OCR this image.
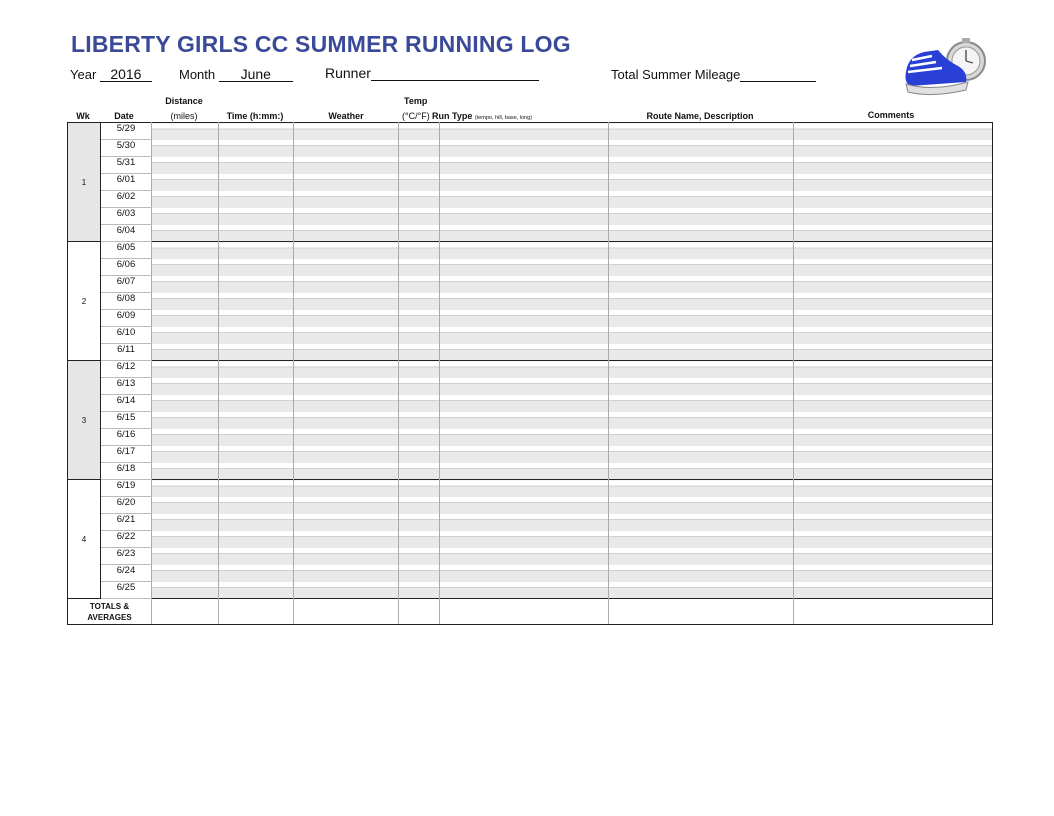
LIBERTY GIRLS CC SUMMER RUNNING LOG
Year 2016	Month June	Runner	Total Summer Mileage
Wk	Date
Distance
(miles)	Time (h:mm:)	Weather
Temp
(°C/°F) Run Type (tempo, hill, base, long)	Route Name, Description	Comments
1	5/29							
	5/30							
	5/31							
	6/01							
	6/02							
	6/03							
	6/04							
2	6/05							
	6/06							
	6/07							
	6/08							
	6/09							
	6/10							
	6/11							
3	6/12							
	6/13							
	6/14							
	6/15							
	6/16							
	6/17							
	6/18							
4	6/19							
	6/20							
	6/21							
	6/22							
	6/23							
	6/24							
	6/25							
TOTALS &
AVERAGES								
